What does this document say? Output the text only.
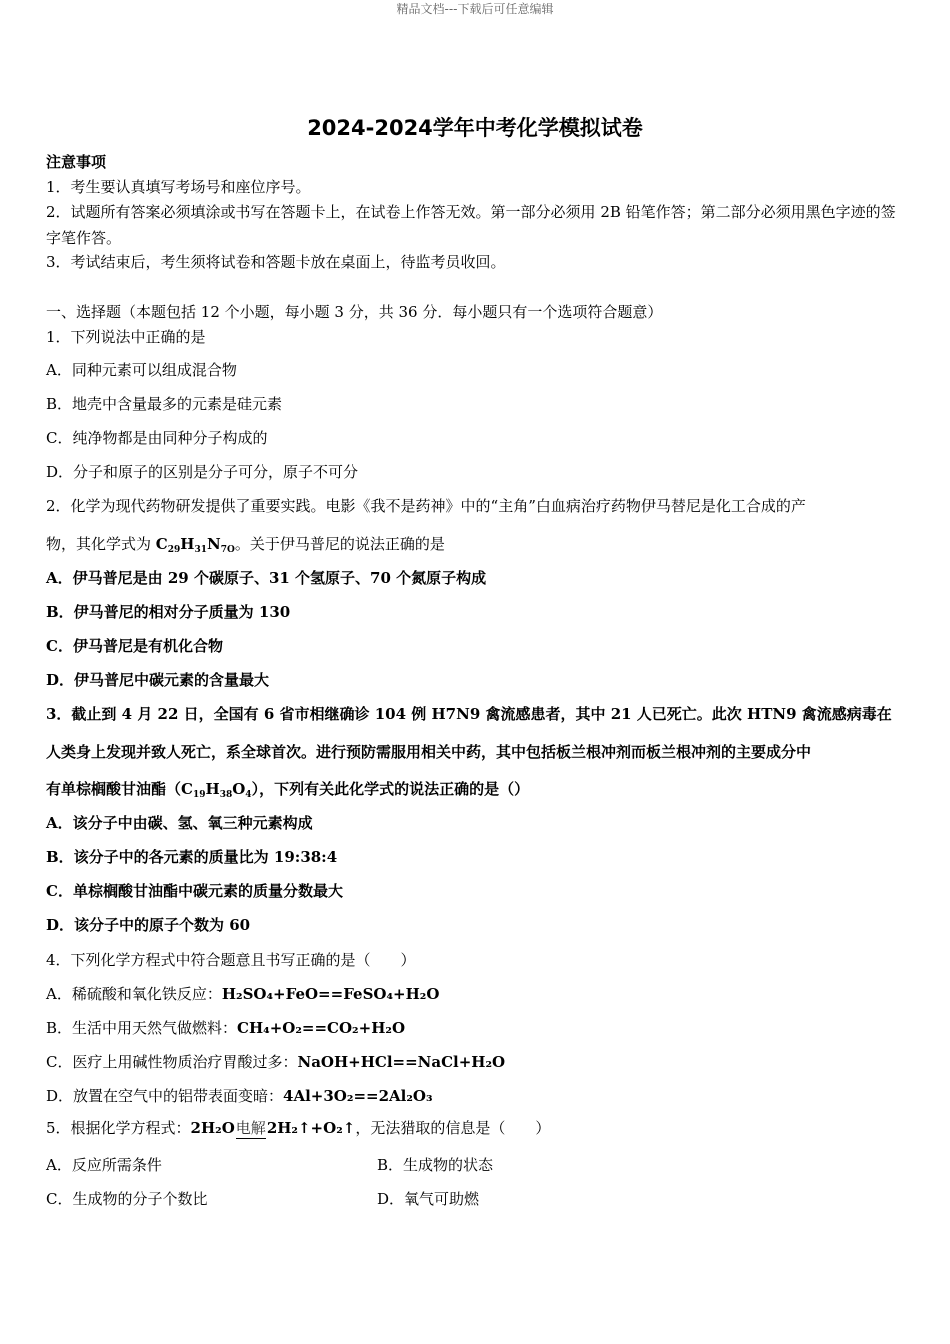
精品文档---下载后可任意编辑
2024-2024学年中考化学模拟试卷
注意事项
1．考生要认真填写考场号和座位序号。
2．试题所有答案必须填涂或书写在答题卡上，在试卷上作答无效。第一部分必须用 2B 铅笔作答；第二部分必须用黑色字迹的签字笔作答。
3．考试结束后，考生须将试卷和答题卡放在桌面上，待监考员收回。
一、选择题（本题包括 12 个小题，每小题 3 分，共 36 分．每小题只有一个选项符合题意）
1．下列说法中正确的是
A．同种元素可以组成混合物
B．地壳中含量最多的元素是硅元素
C．纯净物都是由同种分子构成的
D．分子和原子的区别是分子可分，原子不可分
2．化学为现代药物研发提供了重要实践。电影《我不是药神》中的“主角”白血病治疗药物伊马替尼是化工合成的产
物，其化学式为 $C_{29}H_{31}N_{7O}$。关于伊马普尼的说法正确的是
A．伊马普尼是由 29 个碳原子、31 个氢原子、70 个氮原子构成
B．伊马普尼的相对分子质量为 130
C．伊马普尼是有机化合物
D．伊马普尼中碳元素的含量最大
3．截止到 4 月 22 日，全国有 6 省市相继确诊 104 例 H7N9 禽流感患者，其中 21 人已死亡。此次 HTN9 禽流感病毒在
人类身上发现并致人死亡，系全球首次。进行预防需服用相关中药，其中包括板兰根冲剂而板兰根冲剂的主要成分中
有单棕榈酸甘油酯$(C_{19}H_{38}O_4)$，下列有关此化学式的说法正确的是（）
A．该分子中由碳、氢、氧三种元素构成
B．该分子中的各元素的质量比为 19:38:4
C．单棕榈酸甘油酯中碳元素的质量分数最大
D．该分子中的原子个数为 60
4．下列化学方程式中符合题意且书写正确的是（　　）
A．稀硫酸和氧化铁反应：H₂SO₄+FeO==FeSO₄+H₂O
B．生活中用天然气做燃料：CH₄+O₂==CO₂+H₂O
C．医疗上用碱性物质治疗胃酸过多：NaOH+HCl==NaCl+H₂O
D．放置在空气中的铝带表面变暗：4Al+3O₂==2Al₂O₃
5．根据化学方程式：2H₂O电解2H₂↑+O₂↑，无法猎取的信息是（　　）
A．反应所需条件	B．生成物的状态
C．生成物的分子个数比	D．氧气可助燃
